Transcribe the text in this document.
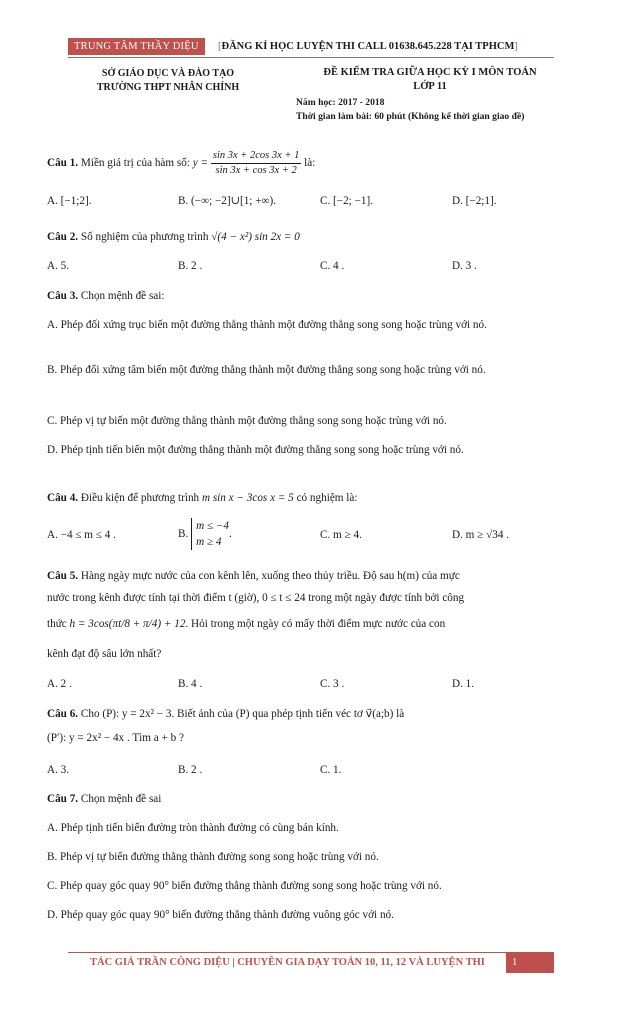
TRUNG TÂM THẦY DIỆU	[ĐĂNG KÍ HỌC LUYỆN THI CALL 01638.645.228 TẠI TPHCM]
SỞ GIÁO DỤC VÀ ĐÀO TẠO
TRƯỜNG THPT NHÂN CHÍNH
ĐỀ KIỂM TRA GIỮA HỌC KỲ I MÔN TOÁN
LỚP 11
Năm học: 2017 - 2018
Thời gian làm bài: 60 phút (Không kể thời gian giao đề)
Câu 1.
Miền giá trị của hàm số:
y =
$\frac{\sin 3x + 2\cos 3x + 1}{\sin 3x + \cos 3x + 2}$
là:
A. [−1;2].	B. (−∞; −2]∪[1; +∞).	C. [−2; −1].	D. [−2;1].
Câu 2. Số nghiệm của phương trình √(4 − x²) sin 2x = 0
A. 5.	B. 2 .	C. 4 .	D. 3 .
Câu 3. Chọn mệnh đề sai:
A. Phép đối xứng trục biến một đường thẳng thành một đường thẳng song song hoặc trùng với nó.
B. Phép đối xứng tâm biến một đường thẳng thành một đường thẳng song song hoặc trùng với nó.
C. Phép vị tự biến một đường thẳng thành một đường thẳng song song hoặc trùng với nó.
D. Phép tịnh tiến biến một đường thẳng thành một đường thẳng song song hoặc trùng với nó.
Câu 4. Điều kiện để phương trình m sin x − 3cos x = 5 có nghiệm là:
A. −4 ≤ m ≤ 4 .	B.

m ≤ −4
m ≥ 4
.	C. m ≥ 4.	D. m ≥ √34 .
Câu 5. Hàng ngày mực nước của con kênh lên, xuống theo thủy triều. Độ sau h(m) của mực
nước trong kênh được tính tại thời điểm t (giờ), 0 ≤ t ≤ 24 trong một ngày được tính bởi công
thức h = 3cos(πt/8 + π/4) + 12. Hỏi trong một ngày có mấy thời điểm mực nước của con
kênh đạt độ sâu lớn nhất?
A. 2 .	B. 4 .	C. 3 .	D. 1.
Câu 6. Cho (P): y = 2x² − 3. Biết ảnh của (P) qua phép tịnh tiến véc tơ v⃗(a;b) là
(P′): y = 2x² − 4x . Tìm a + b ?
A. 3.	B. 2 .	C. 1.
Câu 7. Chọn mệnh đề sai
A. Phép tịnh tiến biến đường tròn thành đường có cùng bán kính.
B. Phép vị tự biến đường thẳng thành đường song song hoặc trùng với nó.
C. Phép quay góc quay 90° biến đường thẳng thành đường song song hoặc trùng với nó.
D. Phép quay góc quay 90° biến đường thẳng thành đường vuông góc với nó.
TÁC GIẢ TRẦN CÔNG DIỆU | CHUYÊN GIA DẠY TOÁN 10, 11, 12 VÀ LUYỆN THI	1
